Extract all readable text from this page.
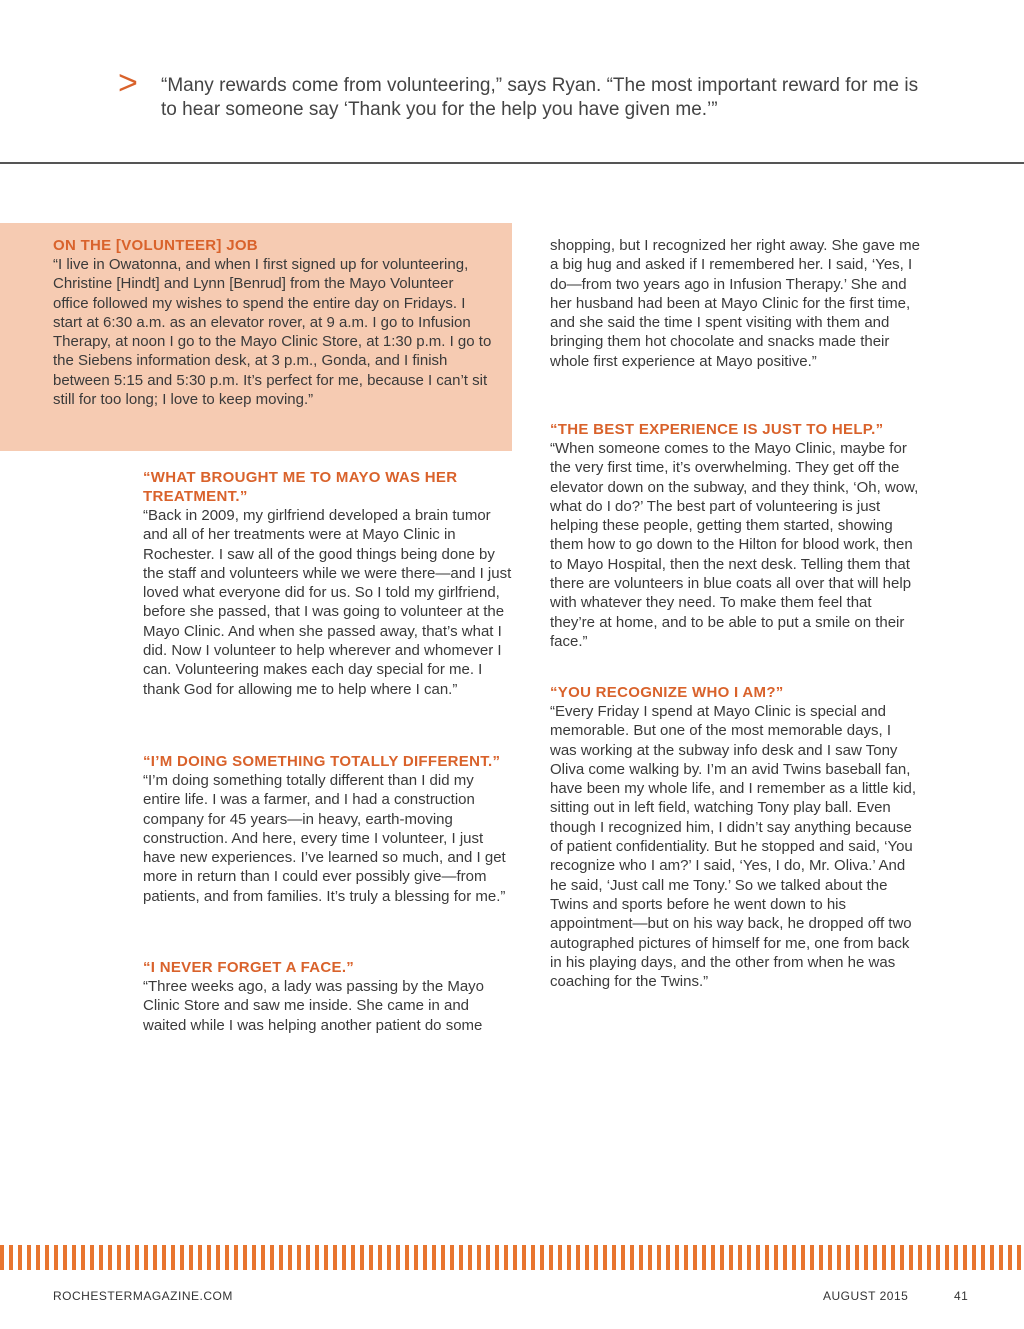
> “Many rewards come from volunteering,” says Ryan. “The most important reward for me is to hear someone say ‘Thank you for the help you have given me.’”
ON THE [VOLUNTEER] JOB

“I live in Owatonna, and when I first signed up for volunteering, Christine [Hindt] and Lynn [Benrud] from the Mayo Volunteer office followed my wishes to spend the entire day on Fridays. I start at 6:30 a.m. as an elevator rover, at 9 a.m. I go to Infusion Therapy, at noon I go to the Mayo Clinic Store, at 1:30 p.m. I go to the Siebens information desk, at 3 p.m., Gonda, and I finish between 5:15 and 5:30 p.m. It’s perfect for me, because I can’t sit still for too long; I love to keep moving.”

“WHAT BROUGHT ME TO MAYO WAS HER TREATMENT.”

“Back in 2009, my girlfriend developed a brain tumor and all of her treatments were at Mayo Clinic in Rochester. I saw all of the good things being done by the staff and volunteers while we were there—and I just loved what everyone did for us. So I told my girlfriend, before she passed, that I was going to volunteer at the Mayo Clinic. And when she passed away, that’s what I did. Now I volunteer to help wherever and whomever I can. Volunteering makes each day special for me. I thank God for allowing me to help where I can.”

“I’M DOING SOMETHING TOTALLY DIFFERENT.”

“I’m doing something totally different than I did my entire life. I was a farmer, and I had a construction company for 45 years—in heavy, earth-moving construction. And here, every time I volunteer, I just have new experiences. I’ve learned so much, and I get more in return than I could ever possibly give—from patients, and from families. It’s truly a blessing for me.”

“I NEVER FORGET A FACE.”

“Three weeks ago, a lady was passing by the Mayo Clinic Store and saw me inside. She came in and waited while I was helping another patient do some

shopping, but I recognized her right away. She gave me a big hug and asked if I remembered her. I said, ‘Yes, I do—from two years ago in Infusion Therapy.’ She and her husband had been at Mayo Clinic for the first time, and she said the time I spent visiting with them and bringing them hot chocolate and snacks made their whole first experience at Mayo positive.”

“THE BEST EXPERIENCE IS JUST TO HELP.”

“When someone comes to the Mayo Clinic, maybe for the very first time, it’s overwhelming. They get off the elevator down on the subway, and they think, ‘Oh, wow, what do I do?’ The best part of volunteering is just helping these people, getting them started, showing them how to go down to the Hilton for blood work, then to Mayo Hospital, then the next desk. Telling them that there are volunteers in blue coats all over that will help with whatever they need. To make them feel that they’re at home, and to be able to put a smile on their face.”

“YOU RECOGNIZE WHO I AM?”

“Every Friday I spend at Mayo Clinic is special and memorable. But one of the most memorable days, I was working at the subway info desk and I saw Tony Oliva come walking by. I’m an avid Twins baseball fan, have been my whole life, and I remember as a little kid, sitting out in left field, watching Tony play ball. Even though I recognized him, I didn’t say anything because of patient confidentiality. But he stopped and said, ‘You recognize who I am?’ I said, ‘Yes, I do, Mr. Oliva.’ And he said, ‘Just call me Tony.’ So we talked about the Twins and sports before he went down to his appointment—but on his way back, he dropped off two autographed pictures of himself for me, one from back in his playing days, and the other from when he was coaching for the Twins.”

ROCHESTERMAGAZINE.COM	AUGUST 2015	41
